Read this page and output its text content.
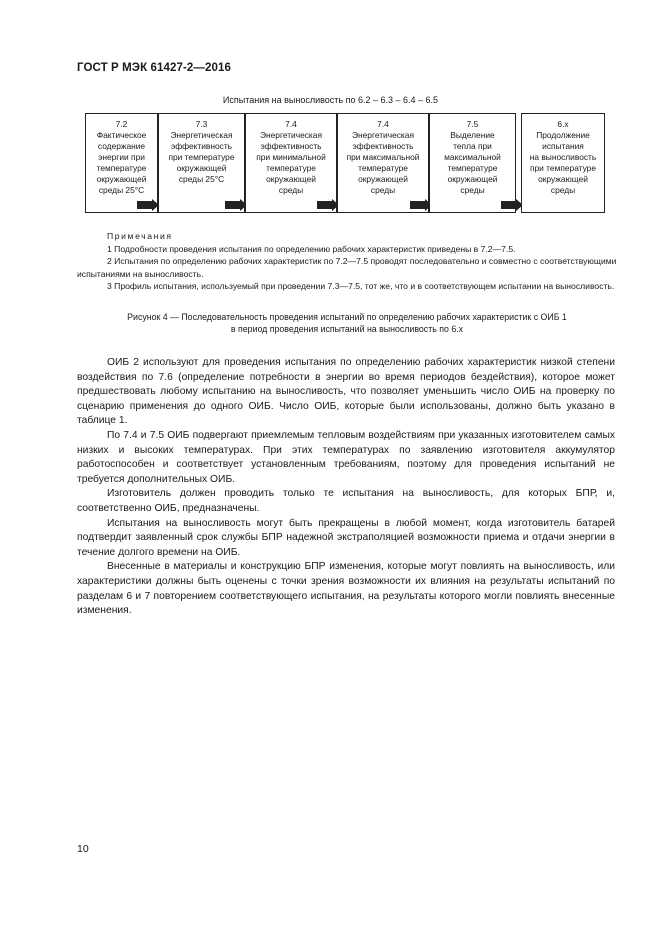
ГОСТ Р МЭК 61427-2—2016
Испытания на выносливость по 6.2 – 6.3 – 6.4 – 6.5
7.2
Фактическое
содержание
энергии при
температуре
окружающей
среды 25°C
7.3
Энергетическая
эффективность
при температуре
окружающей
среды 25°C
7.4
Энергетическая
эффективность
при минимальной
температуре
окружающей
среды
7.4
Энергетическая
эффективность
при максимальной
температуре
окружающей
среды
7.5
Выделение
тепла при
максимальной
температуре
окружающей
среды
6.x
Продолжение
испытания
на выносливость
при температуре
окружающей
среды
Примечания

1 Подробности проведения испытания по определению рабочих характеристик приведены в 7.2—7.5.

2 Испытания по определению рабочих характеристик по 7.2—7.5 проводят последовательно и совместно с соответствующими испытаниями на выносливость.

3 Профиль испытания, используемый при проведении 7.3—7.5, тот же, что и в соответствующем испытании на выносливость.

Рисунок 4 — Последовательность проведения испытаний по определению рабочих характеристик с ОИБ 1
в период проведения испытаний на выносливость по 6.x

ОИБ 2 используют для проведения испытания по определению рабочих характеристик низкой степени воздействия по 7.6 (определение потребности в энергии во время периодов бездействия), которое может предшествовать любому испытанию на выносливость, что позволяет уменьшить число ОИБ на проверку по сценарию применения до одного ОИБ. Число ОИБ, которые были использованы, должно быть указано в таблице 1.

По 7.4 и 7.5 ОИБ подвергают приемлемым тепловым воздействиям при указанных изготовителем самых низких и высоких температурах. При этих температурах по заявлению изготовителя аккумулятор работоспособен и соответствует установленным требованиям, поэтому для проведения испытаний не требуется дополнительных ОИБ.

Изготовитель должен проводить только те испытания на выносливость, для которых БПР, и, соответственно ОИБ, предназначены.

Испытания на выносливость могут быть прекращены в любой момент, когда изготовитель батарей подтвердит заявленный срок службы БПР надежной экстраполяцией возможности приема и отдачи энергии в течение долгого времени на ОИБ.

Внесенные в материалы и конструкцию БПР изменения, которые могут повлиять на выносливость, или характеристики должны быть оценены с точки зрения возможности их влияния на результаты испытаний по разделам 6 и 7 повторением соответствующего испытания, на результаты которого могли повлиять внесенные изменения.

10
